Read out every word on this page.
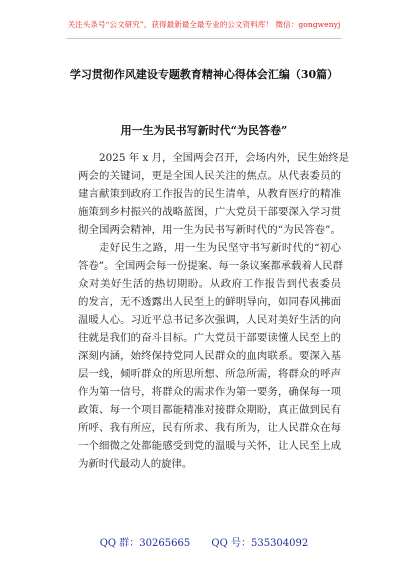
关注头条号“公文研究”，获得最新最全最专业的公文资料库！ 微信：gongwenyj
学习贯彻作风建设专题教育精神心得体会汇编（30篇）
用一生为民书写新时代“为民答卷”
2025 年 x 月，全国两会召开，会场内外，民生始终是
两会的关键词，更是全国人民关注的焦点。从代表委员的
建言献策到政府工作报告的民生清单，从教育医疗的精准
施策到乡村振兴的战略蓝图，广大党员干部要深入学习贯
彻全国两会精神，用一生为民书写新时代的“为民答卷”。
走好民生之路，用一生为民坚守书写新时代的“初心
答卷”。全国两会每一份提案、每一条议案都承载着人民群
众对美好生活的热切期盼。从政府工作报告到代表委员
的发言，无不透露出人民至上的鲜明导向，如同春风拂面
温暖人心。习近平总书记多次强调，人民对美好生活的向
往就是我们的奋斗目标。广大党员干部要读懂人民至上的
深刻内涵，始终保持党同人民群众的血肉联系。要深入基
层一线，倾听群众的所思所想、所急所需，将群众的呼声
作为第一信号，将群众的需求作为第一要务，确保每一项
政策、每一个项目都能精准对接群众期盼，真正做到民有
所呼、我有所应，民有所求、我有所为，让人民群众在每
一个细微之处都能感受到党的温暖与关怀，让人民至上成
为新时代最动人的旋律。
QQ 群：30265665 QQ 号：535304092
